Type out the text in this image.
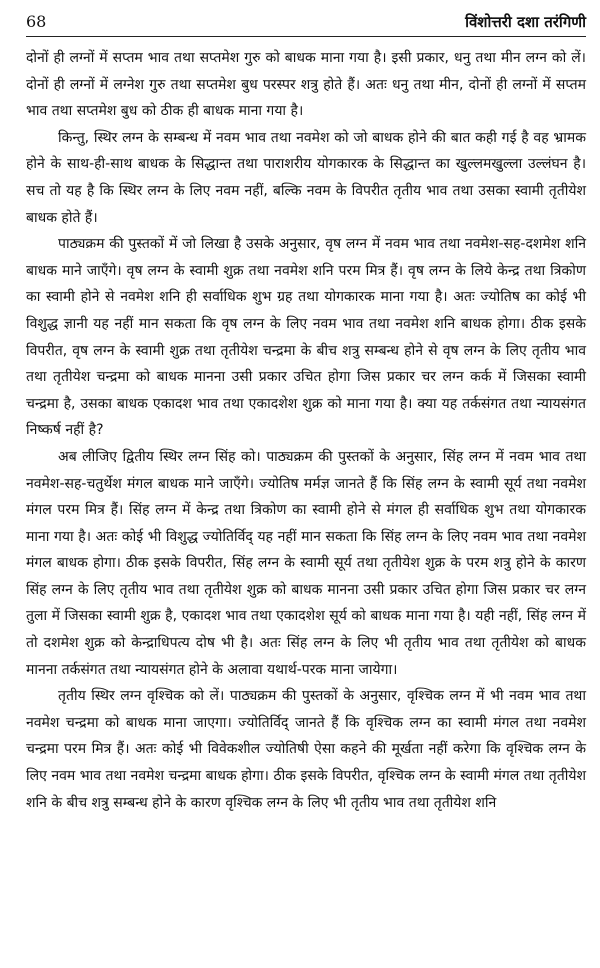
68	विंशोत्तरी दशा तरंगिणी

दोनों ही लग्नों में सप्तम भाव तथा सप्तमेश गुरु को बाधक माना गया है। इसी प्रकार, धनु तथा मीन लग्न को लें। दोनों ही लग्नों में लग्नेश गुरु तथा सप्तमेश बुध परस्पर शत्रु होते हैं। अतः धनु तथा मीन, दोनों ही लग्नों में सप्तम भाव तथा सप्तमेश बुध को ठीक ही बाधक माना गया है।

किन्तु, स्थिर लग्न के सम्बन्ध में नवम भाव तथा नवमेश को जो बाधक होने की बात कही गई है वह भ्रामक होने के साथ-ही-साथ बाधक के सिद्धान्त तथा पाराशरीय योगकारक के सिद्धान्त का खुल्लमखुल्ला उल्लंघन है। सच तो यह है कि स्थिर लग्न के लिए नवम नहीं, बल्कि नवम के विपरीत तृतीय भाव तथा उसका स्वामी तृतीयेश बाधक होते हैं।

पाठ्यक्रम की पुस्तकों में जो लिखा है उसके अनुसार, वृष लग्न में नवम भाव तथा नवमेश-सह-दशमेश शनि बाधक माने जाएँगे। वृष लग्न के स्वामी शुक्र तथा नवमेश शनि परम मित्र हैं। वृष लग्न के लिये केन्द्र तथा त्रिकोण का स्वामी होने से नवमेश शनि ही सर्वाधिक शुभ ग्रह तथा योगकारक माना गया है। अतः ज्योतिष का कोई भी विशुद्ध ज्ञानी यह नहीं मान सकता कि वृष लग्न के लिए नवम भाव तथा नवमेश शनि बाधक होगा। ठीक इसके विपरीत, वृष लग्न के स्वामी शुक्र तथा तृतीयेश चन्द्रमा के बीच शत्रु सम्बन्ध होने से वृष लग्न के लिए तृतीय भाव तथा तृतीयेश चन्द्रमा को बाधक मानना उसी प्रकार उचित होगा जिस प्रकार चर लग्न कर्क में जिसका स्वामी चन्द्रमा है, उसका बाधक एकादश भाव तथा एकादशेश शुक्र को माना गया है। क्या यह तर्कसंगत तथा न्यायसंगत निष्कर्ष नहीं है?

अब लीजिए द्वितीय स्थिर लग्न सिंह को। पाठ्यक्रम की पुस्तकों के अनुसार, सिंह लग्न में नवम भाव तथा नवमेश-सह-चतुर्थेश मंगल बाधक माने जाएँगे। ज्योतिष मर्मज्ञ जानते हैं कि सिंह लग्न के स्वामी सूर्य तथा नवमेश मंगल परम मित्र हैं। सिंह लग्न में केन्द्र तथा त्रिकोण का स्वामी होने से मंगल ही सर्वाधिक शुभ तथा योगकारक माना गया है। अतः कोई भी विशुद्ध ज्योतिर्विद् यह नहीं मान सकता कि सिंह लग्न के लिए नवम भाव तथा नवमेश मंगल बाधक होगा। ठीक इसके विपरीत, सिंह लग्न के स्वामी सूर्य तथा तृतीयेश शुक्र के परम शत्रु होने के कारण सिंह लग्न के लिए तृतीय भाव तथा तृतीयेश शुक्र को बाधक मानना उसी प्रकार उचित होगा जिस प्रकार चर लग्न तुला में जिसका स्वामी शुक्र है, एकादश भाव तथा एकादशेश सूर्य को बाधक माना गया है। यही नहीं, सिंह लग्न में तो दशमेश शुक्र को केन्द्राधिपत्य दोष भी है। अतः सिंह लग्न के लिए भी तृतीय भाव तथा तृतीयेश को बाधक मानना तर्कसंगत तथा न्यायसंगत होने के अलावा यथार्थ-परक माना जायेगा।

तृतीय स्थिर लग्न वृश्चिक को लें। पाठ्यक्रम की पुस्तकों के अनुसार, वृश्चिक लग्न में भी नवम भाव तथा नवमेश चन्द्रमा को बाधक माना जाएगा। ज्योतिर्विद् जानते हैं कि वृश्चिक लग्न का स्वामी मंगल तथा नवमेश चन्द्रमा परम मित्र हैं। अतः कोई भी विवेकशील ज्योतिषी ऐसा कहने की मूर्खता नहीं करेगा कि वृश्चिक लग्न के लिए नवम भाव तथा नवमेश चन्द्रमा बाधक होगा। ठीक इसके विपरीत, वृश्चिक लग्न के स्वामी मंगल तथा तृतीयेश शनि के बीच शत्रु सम्बन्ध होने के कारण वृश्चिक लग्न के लिए भी तृतीय भाव तथा तृतीयेश शनि
